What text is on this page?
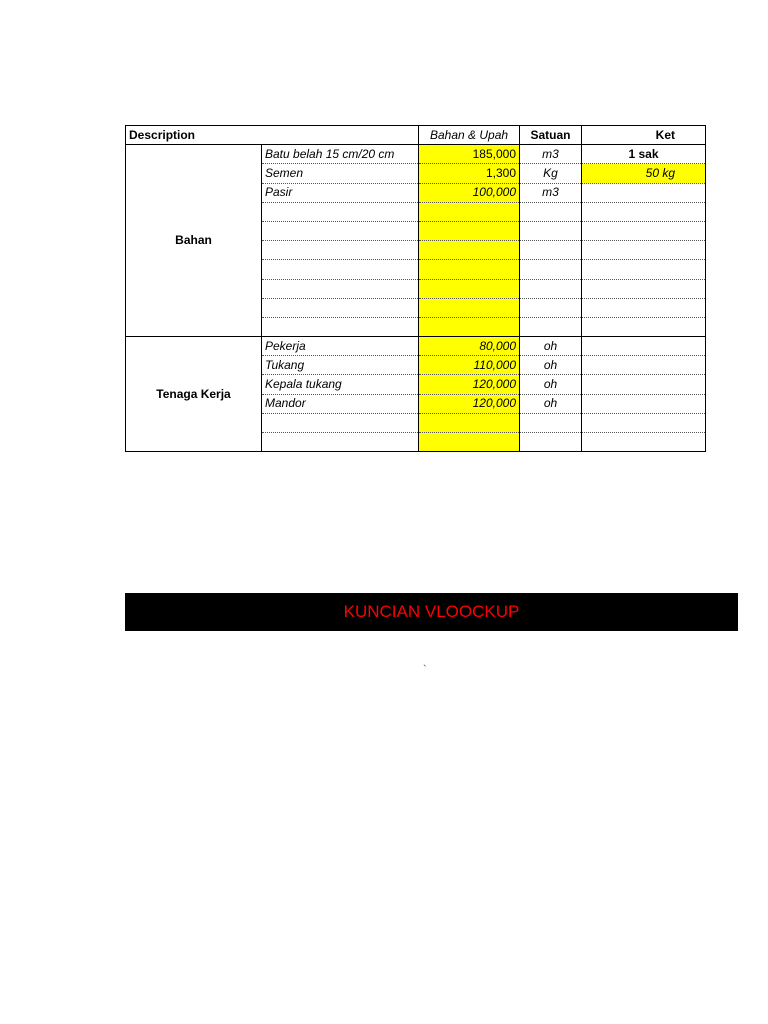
Description		Bahan & Upah	Satuan	Ket
Bahan	Batu belah 15 cm/20 cm	185,000	m3	1 sak
	Semen	1,300	Kg	50 kg
	Pasir	100,000	m3	

Tenaga Kerja	Pekerja	80,000	oh	
	Tukang	110,000	oh	
	Kepala tukang	120,000	oh	
	Mandor	120,000	oh	

KUNCIAN VLOOCKUP
`
